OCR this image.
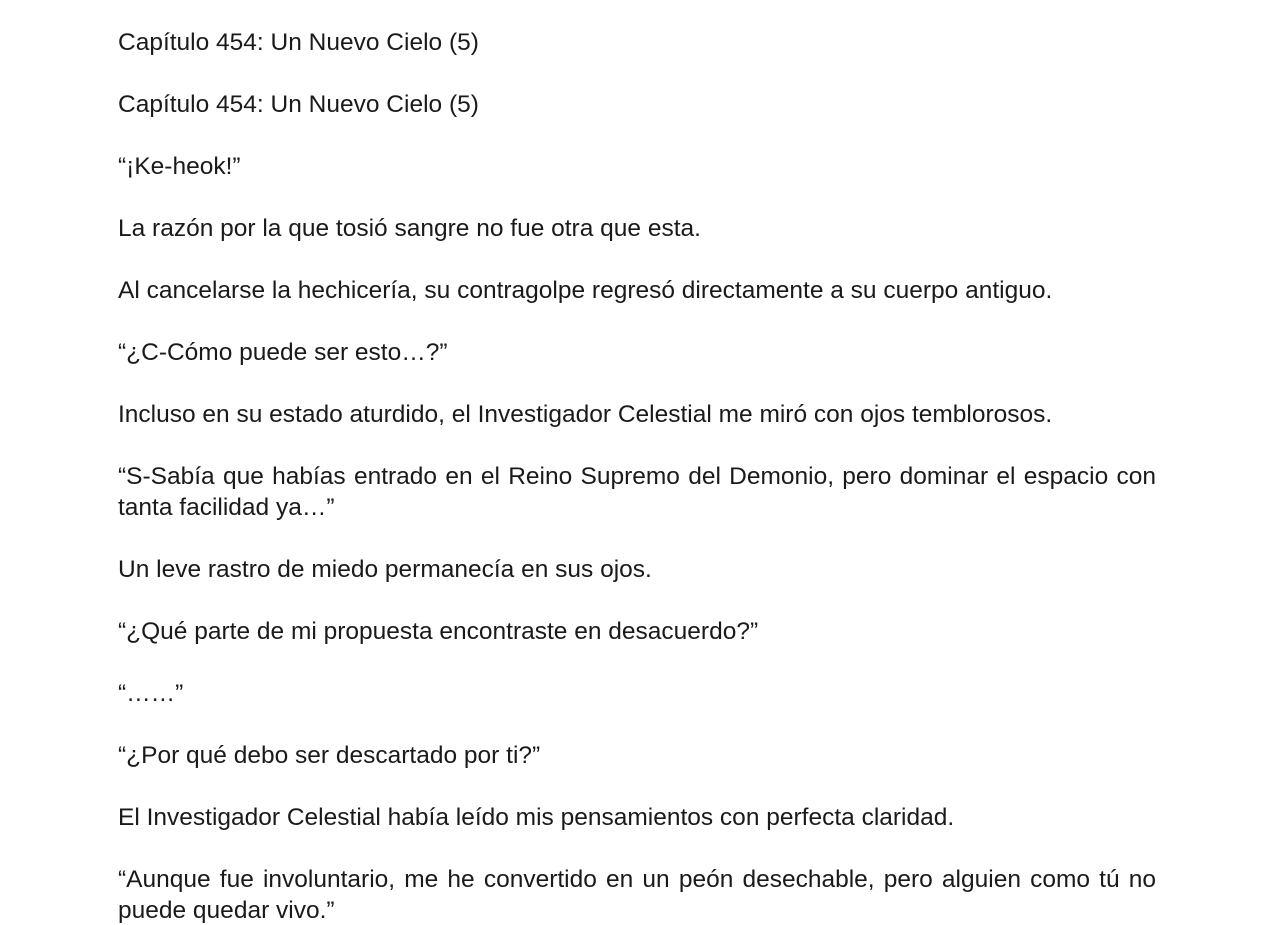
Capítulo 454: Un Nuevo Cielo (5)

Capítulo 454: Un Nuevo Cielo (5)

“¡Ke-heok!”

La razón por la que tosió sangre no fue otra que esta.

Al cancelarse la hechicería, su contragolpe regresó directamente a su cuerpo antiguo.

“¿C-Cómo puede ser esto…?”

Incluso en su estado aturdido, el Investigador Celestial me miró con ojos temblorosos.

“S-Sabía que habías entrado en el Reino Supremo del Demonio, pero dominar el espacio con tanta facilidad ya…”

Un leve rastro de miedo permanecía en sus ojos.

“¿Qué parte de mi propuesta encontraste en desacuerdo?”

“……”

“¿Por qué debo ser descartado por ti?”

El Investigador Celestial había leído mis pensamientos con perfecta claridad.

“Aunque fue involuntario, me he convertido en un peón desechable, pero alguien como tú no puede quedar vivo.”
